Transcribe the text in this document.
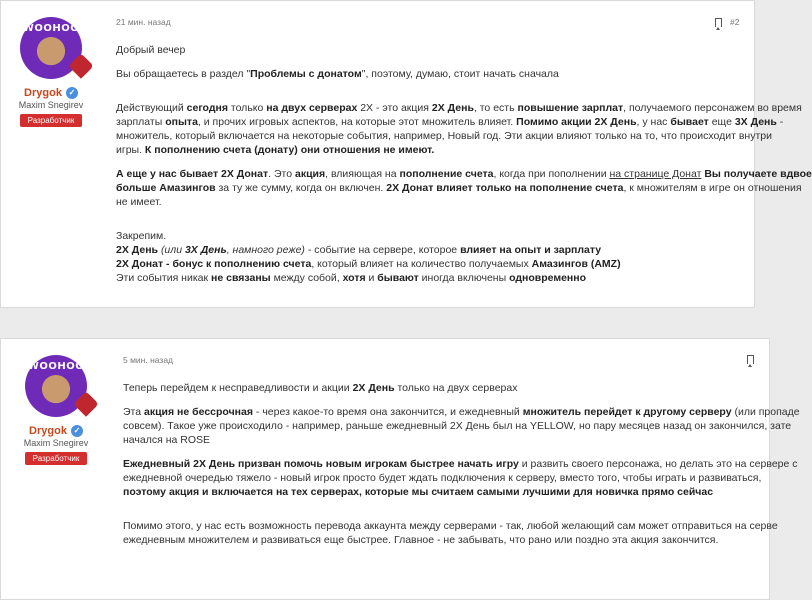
WOOHOO
Drygok ✓
Maxim Snegirev
Разработчик
21 мин. назад	#2

Добрый вечер

Вы обращаетесь в раздел "Проблемы с донатом", поэтому, думаю, стоит начать сначала

Действующий сегодня только на двух серверах 2X - это акция 2X День, то есть повышение зарплат, получаемого персонажем во время

зарплаты опыта, и прочих игровых аспектов, на которые этот множитель влияет. Помимо акции 2X День, у нас бывает еще 3X День -

множитель, который включается на некоторые события, например, Новый год. Эти акции влияют только на то, что происходит внутри

игры. К пополнению счета (донату) они отношения не имеют.

А еще у нас бывает 2X Донат. Это акция, влияющая на пополнение счета, когда при пополнении на странице Донат Вы получаете вдвое

больше Амазингов за ту же сумму, когда он включен. 2X Донат влияет только на пополнение счета, к множителям в игре он отношения

не имеет.

Закрепим.

2X День (или 3X День, намного реже) - событие на сервере, которое влияет на опыт и зарплату

2X Донат - бонус к пополнению счета, который влияет на количество получаемых Амазингов (AMZ)

Эти события никак не связаны между собой, хотя и бывают иногда включены одновременно

WOOHOO
Drygok ✓
Maxim Snegirev
Разработчик
5 мин. назад

Теперь перейдем к несправедливости и акции 2X День только на двух серверах

Эта акция не бессрочная - через какое-то время она закончится, и ежедневный множитель перейдет к другому серверу (или пропаде

совсем). Такое уже происходило - например, раньше ежедневный 2X День был на YELLOW, но пару месяцев назад он закончился, зате

начался на ROSE

Ежедневный 2X День призван помочь новым игрокам быстрее начать игру и развить своего персонажа, но делать это на сервере с

ежедневной очередью тяжело - новый игрок просто будет ждать подключения к серверу, вместо того, чтобы играть и развиваться,

поэтому акция и включается на тех серверах, которые мы считаем самыми лучшими для новичка прямо сейчас

Помимо этого, у нас есть возможность перевода аккаунта между серверами - так, любой желающий сам может отправиться на серве

ежедневным множителем и развиваться еще быстрее. Главное - не забывать, что рано или поздно эта акция закончится.
